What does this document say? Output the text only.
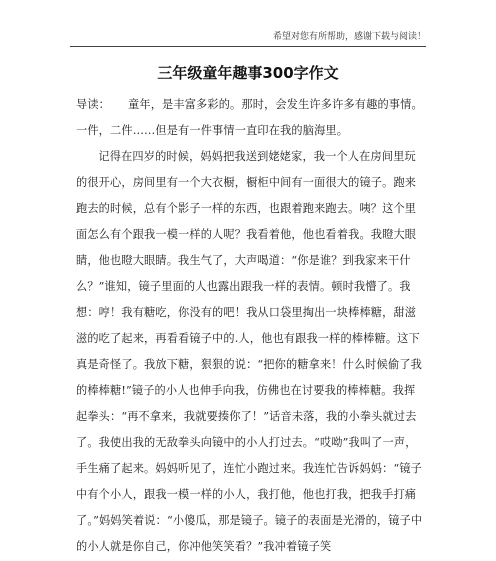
希望对您有所帮助，感谢下载与阅读！
三年级童年趣事300字作文
导读： 童年，是丰富多彩的。那时，会发生许多许多有趣的事情。一件，二件……但是有一件事情一直印在我的脑海里。

记得在四岁的时候，妈妈把我送到姥姥家，我一个人在房间里玩的很开心，房间里有一个大衣橱，橱柜中间有一面很大的镜子。跑来跑去的时候，总有个影子一样的东西，也跟着跑来跑去。咦？这个里面怎么有个跟我一模一样的人呢？我看着他，他也看着我。我瞪大眼睛，他也瞪大眼睛。我生气了，大声喝道：“你是谁？到我家来干什么？”谁知，镜子里面的人也露出跟我一样的表情。顿时我懵了。我想：哼！我有糖吃，你没有的吧！我从口袋里掏出一块棒棒糖，甜滋滋的吃了起来，再看看镜子中的.人，他也有跟我一样的棒棒糖。这下真是奇怪了。我放下糖，狠狠的说：“把你的糖拿来！什么时候偷了我的棒棒糖!”镜子的小人也伸手向我，仿佛也在讨要我的棒棒糖。我挥起拳头：“再不拿来，我就要揍你了！”话音未落，我的小拳头就过去了。我使出我的无敌拳头向镜中的小人打过去。“哎呦”我叫了一声，手生痛了起来。妈妈听见了，连忙小跑过来。我连忙告诉妈妈：“镜子中有个小人，跟我一模一样的小人，我打他，他也打我，把我手打痛了。”妈妈笑着说：“小傻瓜，那是镜子。镜子的表面是光滑的，镜子中的小人就是你自己，你冲他笑笑看？”我冲着镜子笑
